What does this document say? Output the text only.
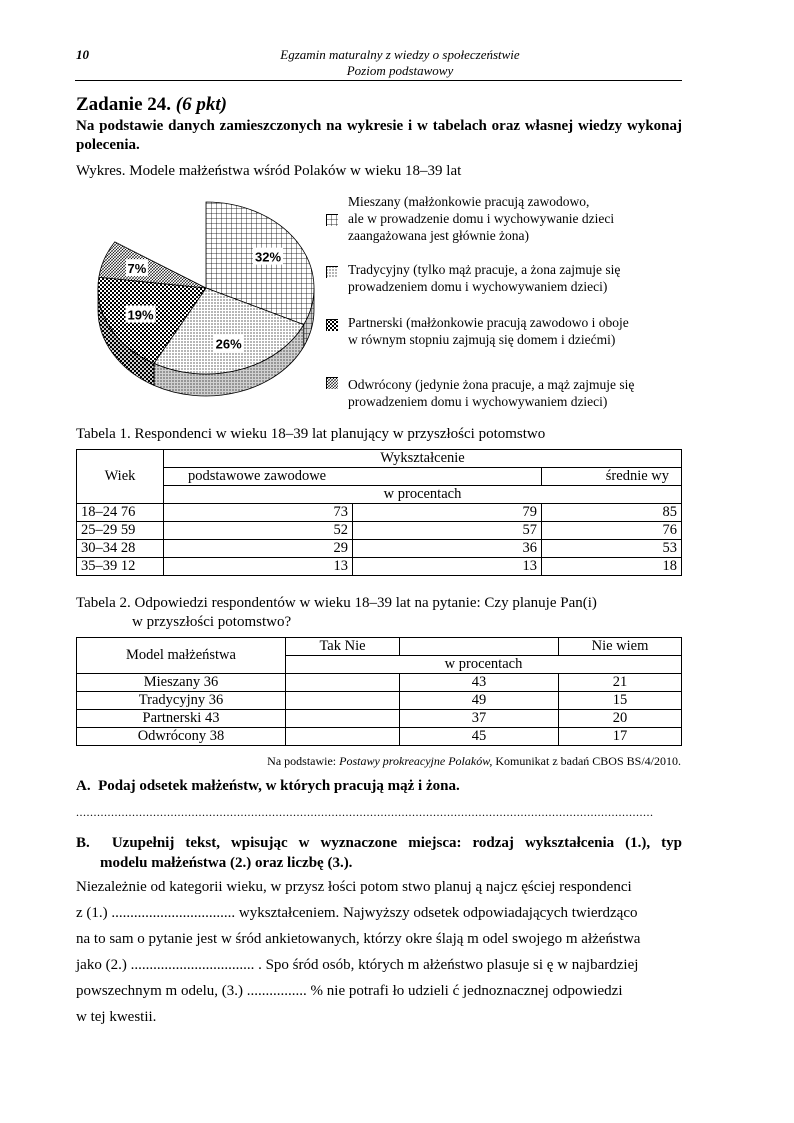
10	Egzamin maturalny z wiedzy o społeczeństwie
Poziom podstawowy
Zadanie 24. (6 pkt)
Na podstawie danych zamieszczonych na wykresie i w tabelach oraz własnej wiedzy wykonaj polecenia.
Wykres. Modele małżeństwa wśród Polaków w wieku 18–39 lat
32%
26%
19%
7%
Mieszany (małżonkowie pracują zawodowo,
ale w prowadzenie domu i wychowywanie dzieci
zaangażowana jest głównie żona)
Tradycyjny (tylko mąż pracuje, a żona zajmuje się
prowadzeniem domu i wychowywaniem dzieci)
Partnerski (małżonkowie pracują zawodowo i oboje
w równym stopniu zajmują się domem i dziećmi)
Odwrócony (jedynie żona pracuje, a mąż zajmuje się
prowadzeniem domu i wychowywaniem dzieci)
Tabela 1. Respondenci w wieku 18–39 lat planujący w przyszłości potomstwo
Wiek	Wykształcenie		
	podstawowe zawodowe		średnie wy
	w procentach		
18–24 76	73	79	85
25–29 59	52	57	76
30–34 28	29	36	53
35–39 12	13	13	18
Tabela 2. Odpowiedzi respondentów w wieku 18–39 lat na pytanie: Czy planuje Pan(i)
w przyszłości potomstwo?
Model małżeństwa	Tak Nie		Nie wiem
	w procentach		
Mieszany 36		43	21
Tradycyjny 36		49	15
Partnerski 43		37	20
Odwrócony 38		45	17
Na podstawie: Postawy prokreacyjne Polaków, Komunikat z badań CBOS BS/4/2010.
A. Podaj odsetek małżeństw, w których pracują mąż i żona.
.....................................................................................................................................................................
B. Uzupełnij tekst, wpisując w wyznaczone miejsca: rodzaj wykształcenia (1.), typ
modelu małżeństwa (2.) oraz liczbę (3.).
Niezależnie od kategorii wieku, w przysz łości potom stwo planuj ą najcz ęściej respondenci
z (1.) ................................. wykształceniem. Najwyższy odsetek odpowiadających twierdząco
na to sam o pytanie jest w śród ankietowanych, którzy okre ślają m odel swojego m ałżeństwa
jako (2.) ................................. . Spo śród osób, których m ałżeństwo plasuje si ę w najbardziej
powszechnym m odelu, (3.) ................ % nie potrafi ło udzieli ć jednoznacznej odpowiedzi
w tej kwestii.
